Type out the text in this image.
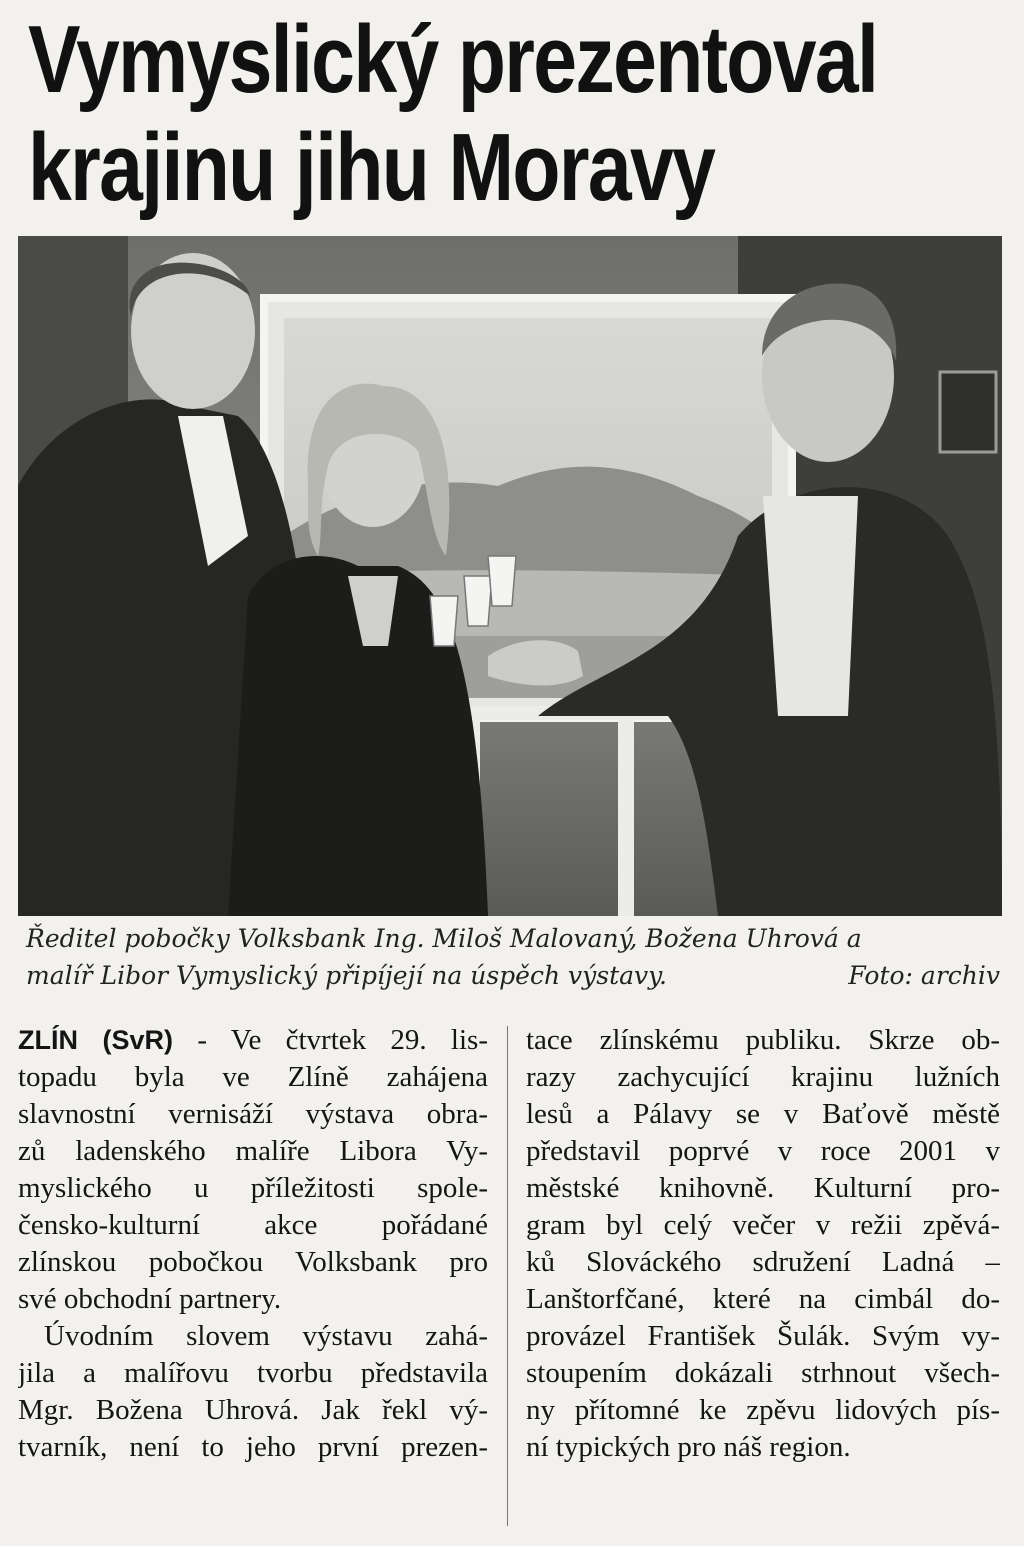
Vymyslický prezentoval
krajinu jihu Moravy
Ředitel pobočky Volksbank Ing. Miloš Malovaný, Božena Uhrová a
malíř Libor Vymyslický připíjejí na úspěch výstavy.	Foto: archiv
ZLÍN (SvR) - Ve čtvrtek 29. lis-
topadu byla ve Zlíně zahájena
slavnostní vernisáží výstava obra-
zů ladenského malíře Libora Vy-
myslického u příležitosti spole-
čensko-kulturní akce pořádané
zlínskou pobočkou Volksbank pro
své obchodní partnery.
Úvodním slovem výstavu zahá-
jila a malířovu tvorbu představila
Mgr. Božena Uhrová. Jak řekl vý-
tvarník, není to jeho první prezen-
tace zlínskému publiku. Skrze ob-
razy zachycující krajinu lužních
lesů a Pálavy se v Baťově městě
představil poprvé v roce 2001 v
městské knihovně. Kulturní pro-
gram byl celý večer v režii zpěvá-
ků Slováckého sdružení Ladná –
Lanštorfčané, které na cimbál do-
provázel František Šulák. Svým vy-
stoupením dokázali strhnout všech-
ny přítomné ke zpěvu lidových pís-
ní typických pro náš region.
